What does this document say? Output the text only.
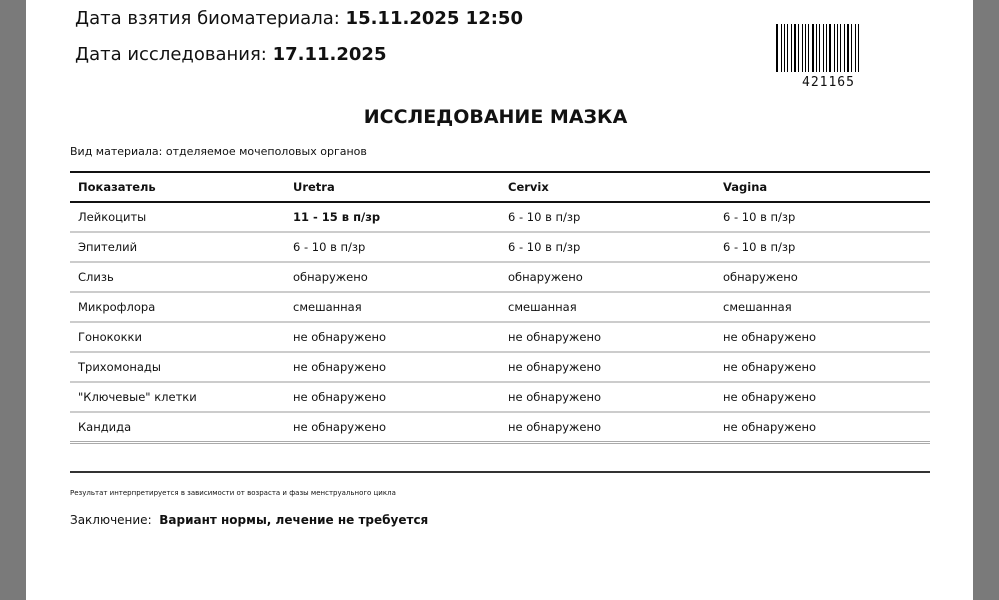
Дата взятия биоматериала: 15.11.2025 12:50
Дата исследования: 17.11.2025
421165
ИССЛЕДОВАНИЕ МАЗКА
Вид материала: отделяемое мочеполовых органов
Показатель	Uretra	Cervix	Vagina
Лейкоциты	11 - 15 в п/зр	6 - 10 в п/зр	6 - 10 в п/зр
Эпителий	6 - 10 в п/зр	6 - 10 в п/зр	6 - 10 в п/зр
Слизь	обнаружено	обнаружено	обнаружено
Микрофлора	смешанная	смешанная	смешанная
Гонококки	не обнаружено	не обнаружено	не обнаружено
Трихомонады	не обнаружено	не обнаружено	не обнаружено
"Ключевые" клетки	не обнаружено	не обнаружено	не обнаружено
Кандида	не обнаружено	не обнаружено	не обнаружено

Результат интерпретируется в зависимости от возраста и фазы менструального цикла
Заключение: Вариант нормы, лечение не требуется
